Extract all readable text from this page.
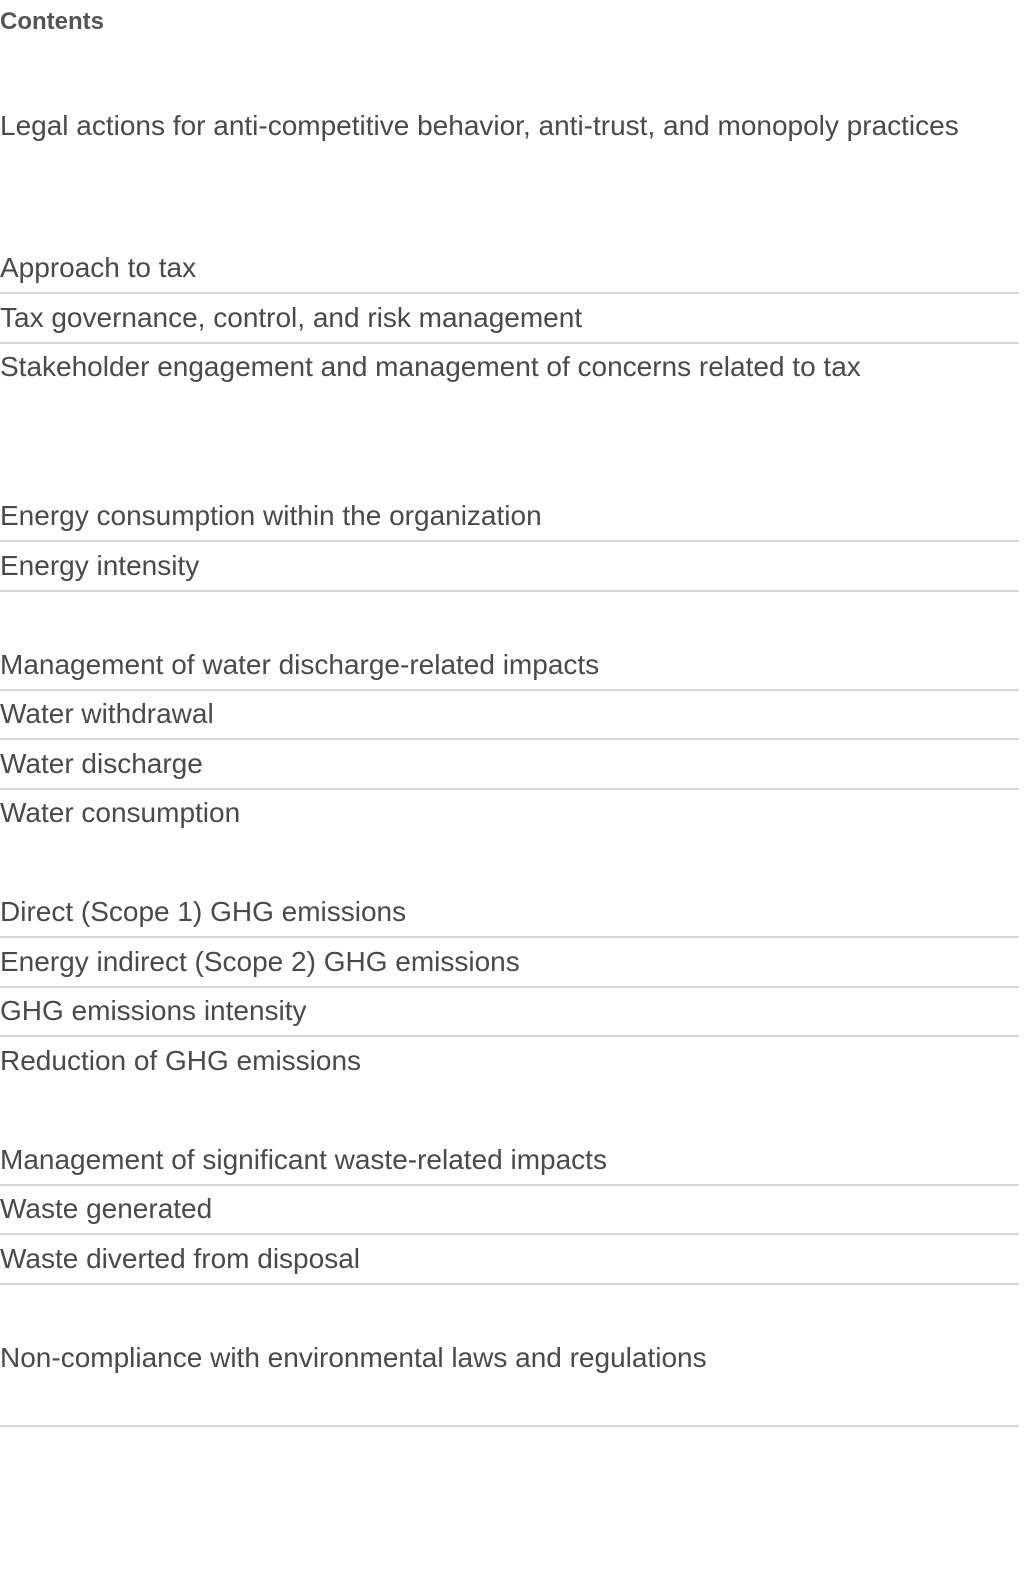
Contents
Legal actions for anti-competitive behavior, anti-trust, and monopoly practices
Approach to tax
Tax governance, control, and risk management
Stakeholder engagement and management of concerns related to tax
Energy consumption within the organization
Energy intensity
Management of water discharge-related impacts
Water withdrawal
Water discharge
Water consumption
Direct (Scope 1) GHG emissions
Energy indirect (Scope 2) GHG emissions
GHG emissions intensity
Reduction of GHG emissions
Management of significant waste-related impacts
Waste generated
Waste diverted from disposal
Non-compliance with environmental laws and regulations
